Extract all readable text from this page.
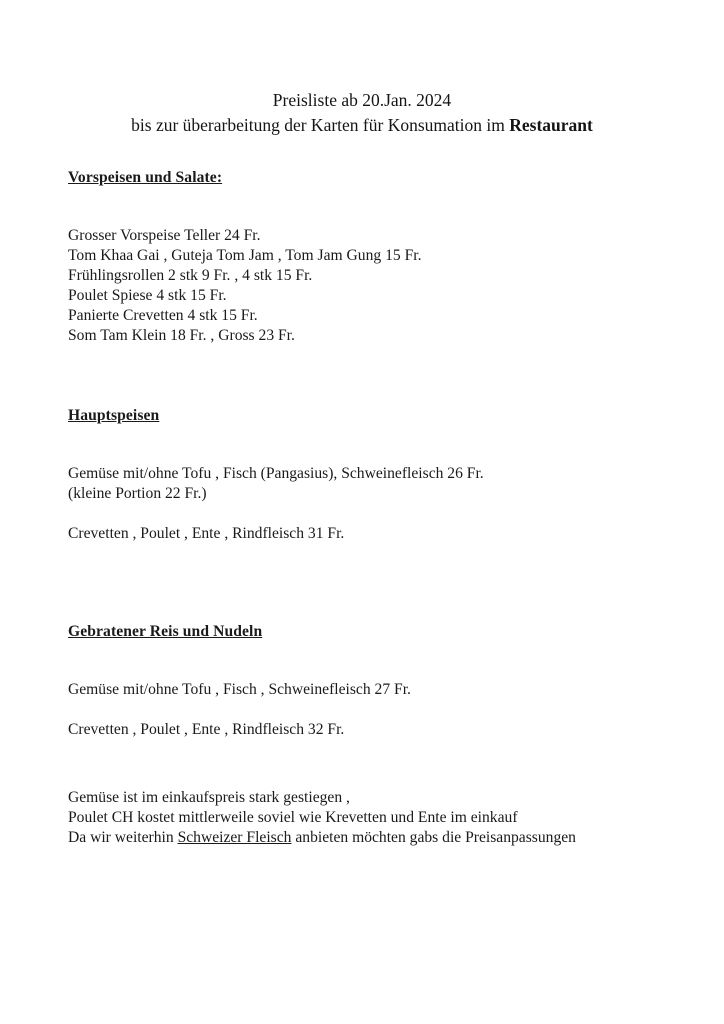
Preisliste ab 20.Jan. 2024
bis zur überarbeitung der Karten für Konsumation im Restaurant
Vorspeisen und Salate:
Grosser Vorspeise Teller 24 Fr.
Tom Khaa Gai , Guteja Tom Jam , Tom Jam Gung 15 Fr.
Frühlingsrollen 2 stk 9 Fr. , 4 stk 15 Fr.
Poulet Spiese 4 stk 15 Fr.
Panierte Crevetten 4 stk 15 Fr.
Som Tam Klein 18 Fr. , Gross 23 Fr.
Hauptspeisen
Gemüse mit/ohne Tofu , Fisch (Pangasius), Schweinefleisch 26 Fr.
(kleine Portion 22 Fr.)
Crevetten , Poulet , Ente , Rindfleisch 31 Fr.
Gebratener Reis und Nudeln
Gemüse mit/ohne Tofu , Fisch , Schweinefleisch 27 Fr.
Crevetten , Poulet , Ente , Rindfleisch 32 Fr.
Gemüse ist im einkaufspreis stark gestiegen ,
Poulet CH kostet mittlerweile soviel wie Krevetten und Ente im einkauf
Da wir weiterhin Schweizer Fleisch anbieten möchten gabs die Preisanpassungen
